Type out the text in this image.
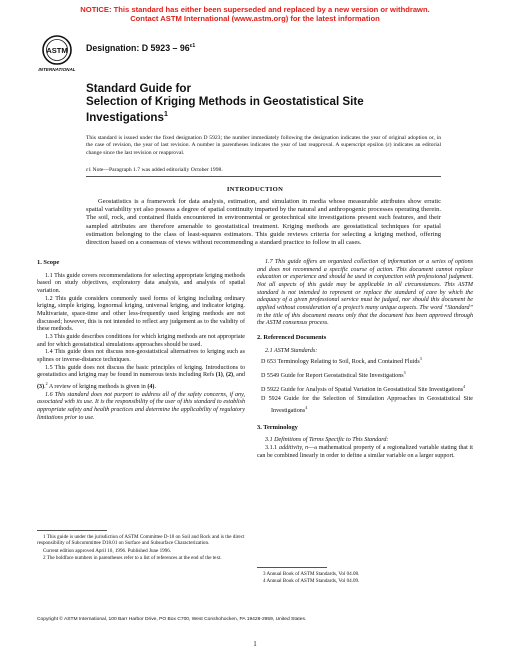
NOTICE: This standard has either been superseded and replaced by a new version or withdrawn.
Contact ASTM International (www.astm.org) for the latest information
ASTM
INTERNATIONAL
Designation: D $5923 - 96^{\varepsilon 1}$
Standard Guide for
Selection of Kriging Methods in Geostatistical Site
Investigations$^1$
This standard is issued under the fixed designation D 5923; the number immediately following the designation indicates the year of original adoption or, in the case of revision, the year of last revision. A number in parentheses indicates the year of last reapproval. A superscript epsilon (ε) indicates an editorial change since the last revision or reapproval.
ε1 Note—Paragraph 1.7 was added editorially October 1998.
INTRODUCTION
Geostatistics is a framework for data analysis, estimation, and simulation in media whose measurable attributes show erratic spatial variability yet also possess a degree of spatial continuity imparted by the natural and anthropogenic processes operating therein. The soil, rock, and contained fluids encountered in environmental or geotechnical site investigations present such features, and their sampled attributes are therefore amenable to geostatistical treatment. Kriging methods are geostatistical techniques for spatial estimation belonging to the class of least-squares estimators. This guide reviews criteria for selecting a kriging method, offering direction based on a consensus of views without recommending a standard practice to follow in all cases.

1. Scope

1.1 This guide covers recommendations for selecting appropriate kriging methods based on study objectives, exploratory data analysis, and analysis of spatial variation.

1.2 This guide considers commonly used forms of kriging including ordinary kriging, simple kriging, lognormal kriging, universal kriging, and indicator kriging. Multivariate, space-time and other less-frequently used kriging methods are not discussed; however, this is not intended to reflect any judgement as to the validity of these methods.

1.3 This guide describes conditions for which kriging methods are not appropriate and for which geostatistical simulations approaches should be used.

1.4 This guide does not discuss non-geostatistical alternatives to kriging such as splines or inverse-distance techniques.

1.5 This guide does not discuss the basic principles of kriging. Introductions to geostatistics and kriging may be found in numerous texts including Refs (1), (2), and (3).$^2$ A review of kriging methods is given in (4).

1.6 This standard does not purport to address all of the safety concerns, if any, associated with its use. It is the responsibility of the user of this standard to establish appropriate safety and health practices and determine the applicability of regulatory limitations prior to use.

1 This guide is under the jurisdiction of ASTM Committee D-18 on Soil and Rock and is the direct responsibility of Subcommittee D18.01 on Surface and Subsurface Characterization.

Current edition approved April 10, 1996. Published June 1996.

2 The boldface numbers in parentheses refer to a list of references at the end of the text.

1.7 This guide offers an organized collection of information or a series of options and does not recommend a specific course of action. This document cannot replace education or experience and should be used in conjunction with professional judgment. Not all aspects of this guide may be applicable in all circumstances. This ASTM standard is not intended to represent or replace the standard of care by which the adequacy of a given professional service must be judged, nor should this document be applied without consideration of a project’s many unique aspects. The word “Standard” in the title of this document means only that the document has been approved through the ASTM consensus process.

2. Referenced Documents

2.1 ASTM Standards:

D 653 Terminology Relating to Soil, Rock, and Contained Fluids$^3$

D 5549 Guide for Report Geostatistical Site Investigations$^3$

D 5922 Guide for Analysis of Spatial Variation in Geostatistical Site Investigations$^4$

D 5924 Guide for the Selection of Simulation Approaches in Geostatistical Site Investigations$^4$

3. Terminology

3.1 Definitions of Terms Specific to This Standard:

3.1.1 additivity, n—a mathematical property of a regionalized variable stating that it can be combined linearly in order to define a similar variable on a larger support.

3 Annual Book of ASTM Standards, Vol 04.08.

4 Annual Book of ASTM Standards, Vol 04.09.

Copyright © ASTM International, 100 Barr Harbor Drive, PO Box C700, West Conshohocken, PA 19428-2959, United States.
1
